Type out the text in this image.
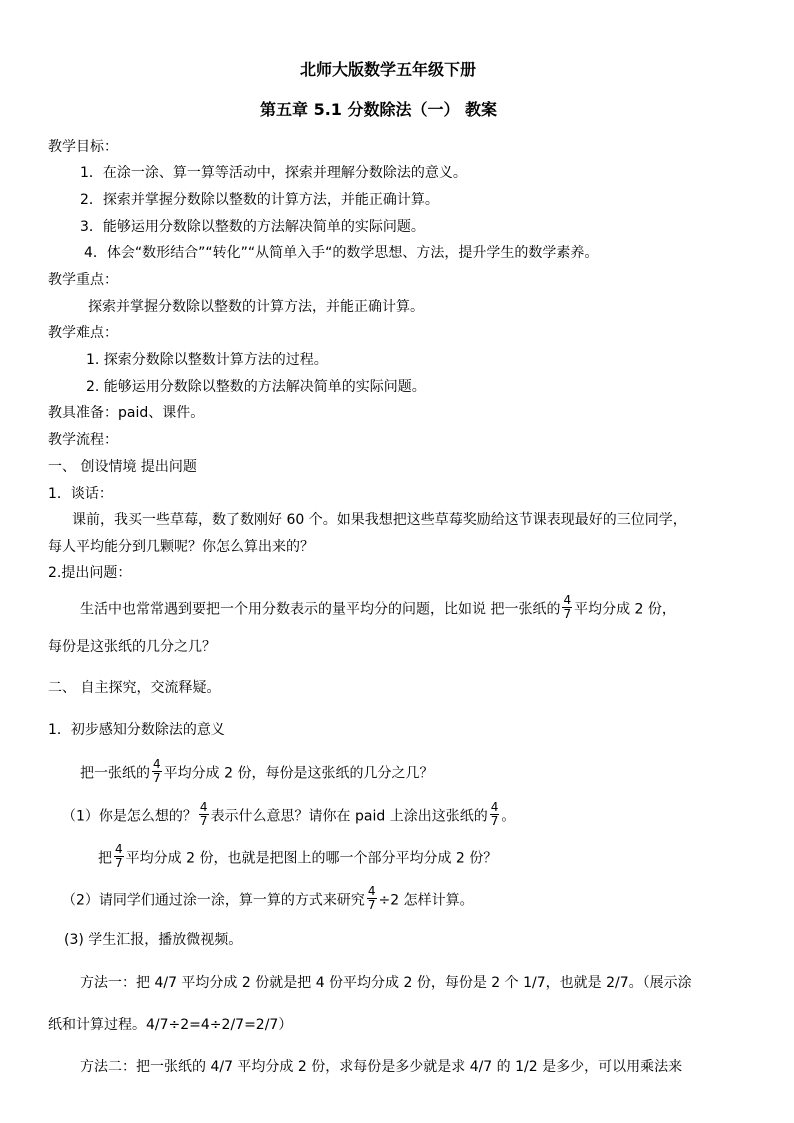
北师大版数学五年级下册
第五章 5.1 分数除法（一） 教案
教学目标：
1．在涂一涂、算一算等活动中，探索并理解分数除法的意义。
2．探索并掌握分数除以整数的计算方法，并能正确计算。
3．能够运用分数除以整数的方法解决简单的实际问题。
4．体会“数形结合”“转化”“从简单入手“的数学思想、方法，提升学生的数学素养。
教学重点：
探索并掌握分数除以整数的计算方法，并能正确计算。
教学难点：
1. 探索分数除以整数计算方法的过程。
2. 能够运用分数除以整数的方法解决简单的实际问题。
教具准备：paid、课件。
教学流程：
一、 创设情境 提出问题
1．谈话：
课前，我买一些草莓，数了数刚好 60 个。如果我想把这些草莓奖励给这节课表现最好的三位同学，
每人平均能分到几颗呢？你怎么算出来的？
2.提出问题：
生活中也常常遇到要把一个用分数表示的量平均分的问题，比如说 把一张纸的 $\frac{4}{7}$ 平均分成 2 份，
每份是这张纸的几分之几？
二、 自主探究，交流释疑。
1．初步感知分数除法的意义
把一张纸的 $\frac{4}{7}$ 平均分成 2 份，每份是这张纸的几分之几？
（1）你是怎么想的？ $\frac{4}{7}$ 表示什么意思？请你在 paid 上涂出这张纸的 $\frac{4}{7}$ 。
把 $\frac{4}{7}$ 平均分成 2 份，也就是把图上的哪一个部分平均分成 2 份？
（2）请同学们通过涂一涂，算一算的方式来研究 $\frac{4}{7} \div 2$ 怎样计算。
(3) 学生汇报，播放微视频。
方法一：把 4/7 平均分成 2 份就是把 4 份平均分成 2 份，每份是 2 个 1/7，也就是 2/7。（展示涂
纸和计算过程。4/7÷2=4÷2/7=2/7）
方法二：把一张纸的 4/7 平均分成 2 份，求每份是多少就是求 4/7 的 1/2 是多少，可以用乘法来
